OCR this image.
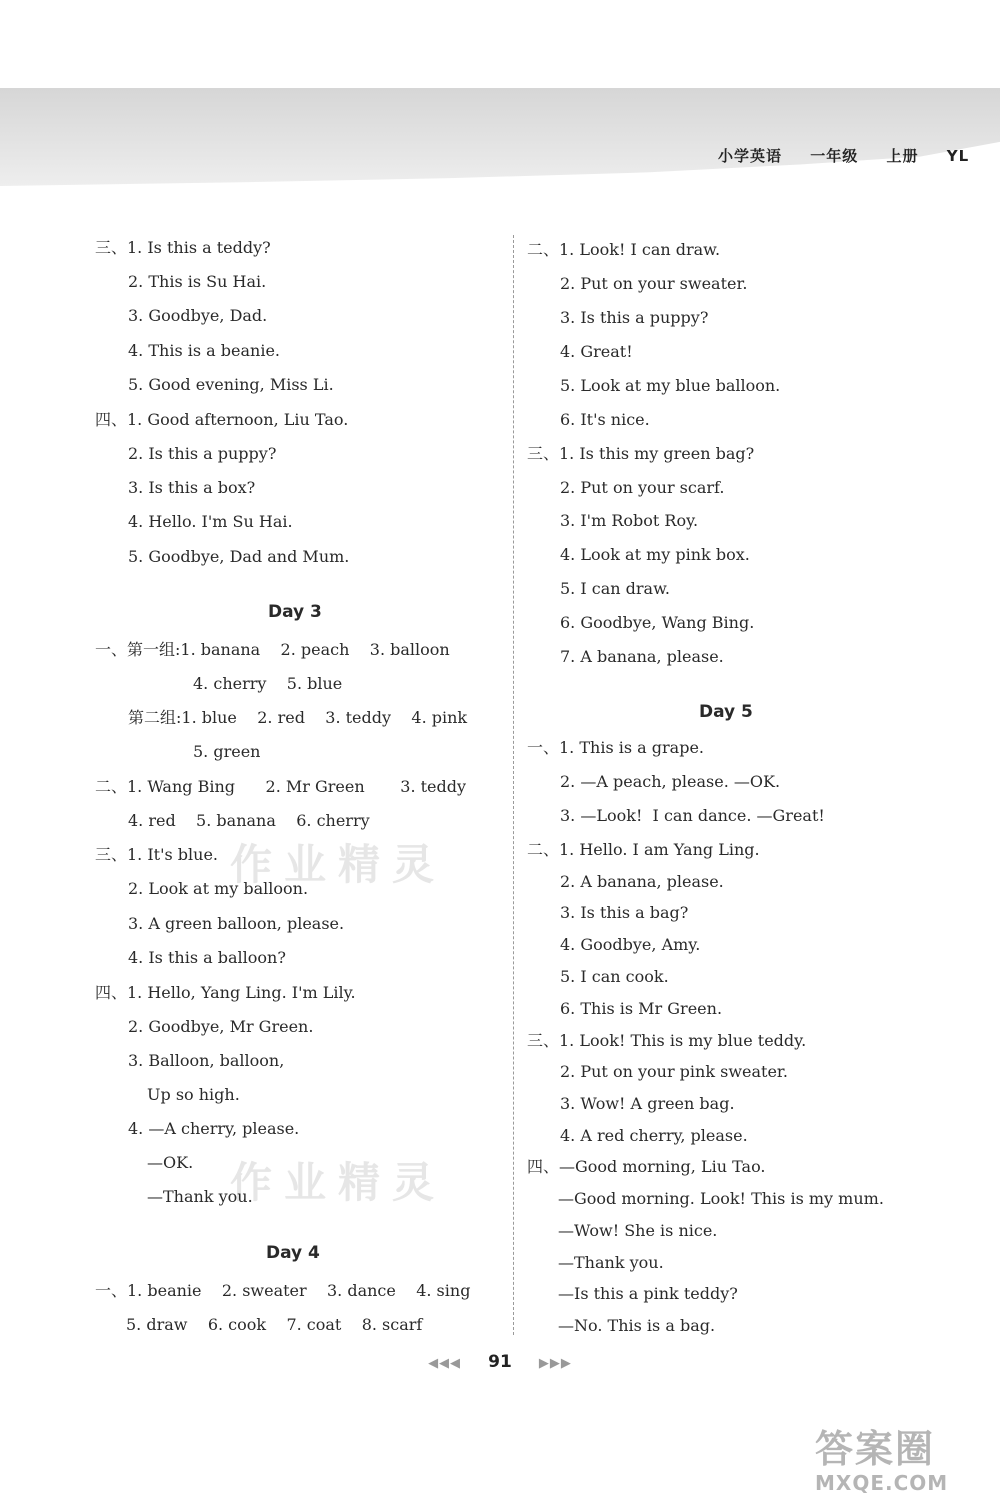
小学英语 一年级 上册 YL
作业精灵
作业精灵
◀◀◀ 91 ▶▶▶
答案圈
MXQE.COM
三、1. Is this a teddy?
2. This is Su Hai.
3. Goodbye, Dad.
4. This is a beanie.
5. Good evening, Miss Li.
四、1. Good afternoon, Liu Tao.
2. Is this a puppy?
3. Is this a box?
4. Hello. I'm Su Hai.
5. Goodbye, Dad and Mum.
一、第一组:1. banana    2. peach    3. balloon
4. cherry    5. blue
第二组:1. blue    2. red    3. teddy    4. pink
5. green
二、1. Wang Bing      2. Mr Green       3. teddy
4. red    5. banana    6. cherry
三、1. It's blue.
2. Look at my balloon.
3. A green balloon, please.
4. Is this a balloon?
四、1. Hello, Yang Ling. I'm Lily.
2. Goodbye, Mr Green.
3. Balloon, balloon,
Up so high.
4. —A cherry, please.
—OK.
—Thank you.
一、1. beanie    2. sweater    3. dance    4. sing
5. draw    6. cook    7. coat    8. scarf
Day 3
Day 4
二、1. Look! I can draw.
2. Put on your sweater.
3. Is this a puppy?
4. Great!
5. Look at my blue balloon.
6. It's nice.
三、1. Is this my green bag?
2. Put on your scarf.
3. I'm Robot Roy.
4. Look at my pink box.
5. I can draw.
6. Goodbye, Wang Bing.
7. A banana, please.
一、1. This is a grape.
2. —A peach, please. —OK.
3. —Look!  I can dance. —Great!
二、1. Hello. I am Yang Ling.
2. A banana, please.
3. Is this a bag?
4. Goodbye, Amy.
5. I can cook.
6. This is Mr Green.
三、1. Look! This is my blue teddy.
2. Put on your pink sweater.
3. Wow! A green bag.
4. A red cherry, please.
四、—Good morning, Liu Tao.
—Good morning. Look! This is my mum.
—Wow! She is nice.
—Thank you.
—Is this a pink teddy?
—No. This is a bag.
Day 5
